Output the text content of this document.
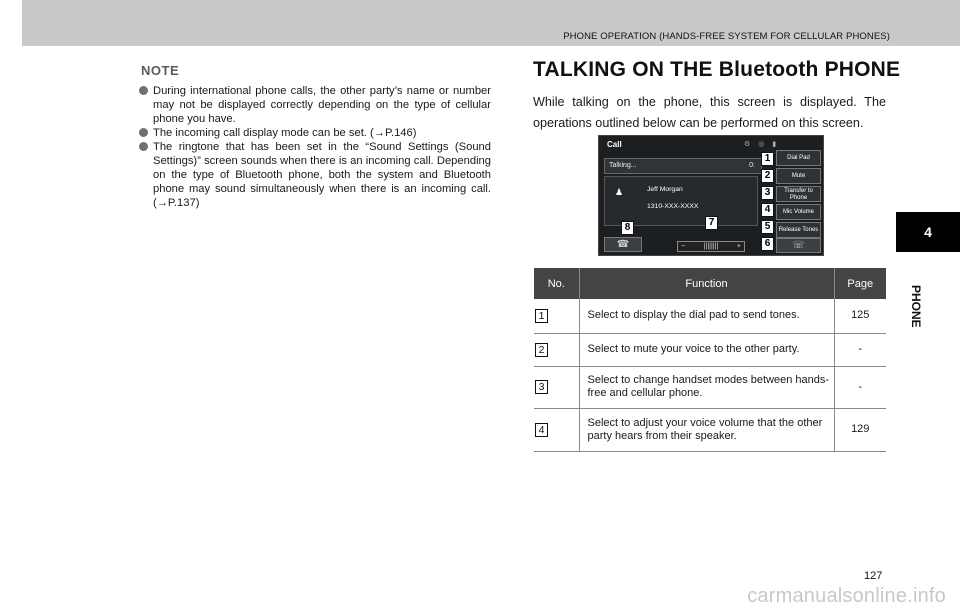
PHONE OPERATION (HANDS-FREE SYSTEM FOR CELLULAR PHONES)
NOTE
During international phone calls, the other party’s name or number may not be displayed correctly depending on the type of cellular phone you have.
The incoming call display mode can be set. (→P.146)
The ringtone that has been set in the “Sound Settings (Sound Settings)” screen sounds when there is an incoming call. Depending on the type of Bluetooth phone, both the system and Bluetooth phone may sound simultaneously when there is an incoming call. (→P.137)
TALKING ON THE Bluetooth PHONE
While talking on the phone, this screen is displayed. The operations outlined below can be performed on this screen.
Call	⚙ ◎ ▮
Talking...	0:
♟	Jeff Morgan
1310-XXX-XXXX
Dial Pad
Mute
Transfer to Phone
Mic Volume
Release Tones
☎	−	||||||||	+	☏
1
2
3
4
5
6
7
8
No.	Function	Page
1	Select to display the dial pad to send tones.	125
2	Select to mute your voice to the other party.	-
3	Select to change handset modes between hands-free and cellular phone.	-
4	Select to adjust your voice volume that the other party hears from their speaker.	129
4
PHONE
127
carmanualsonline.info
